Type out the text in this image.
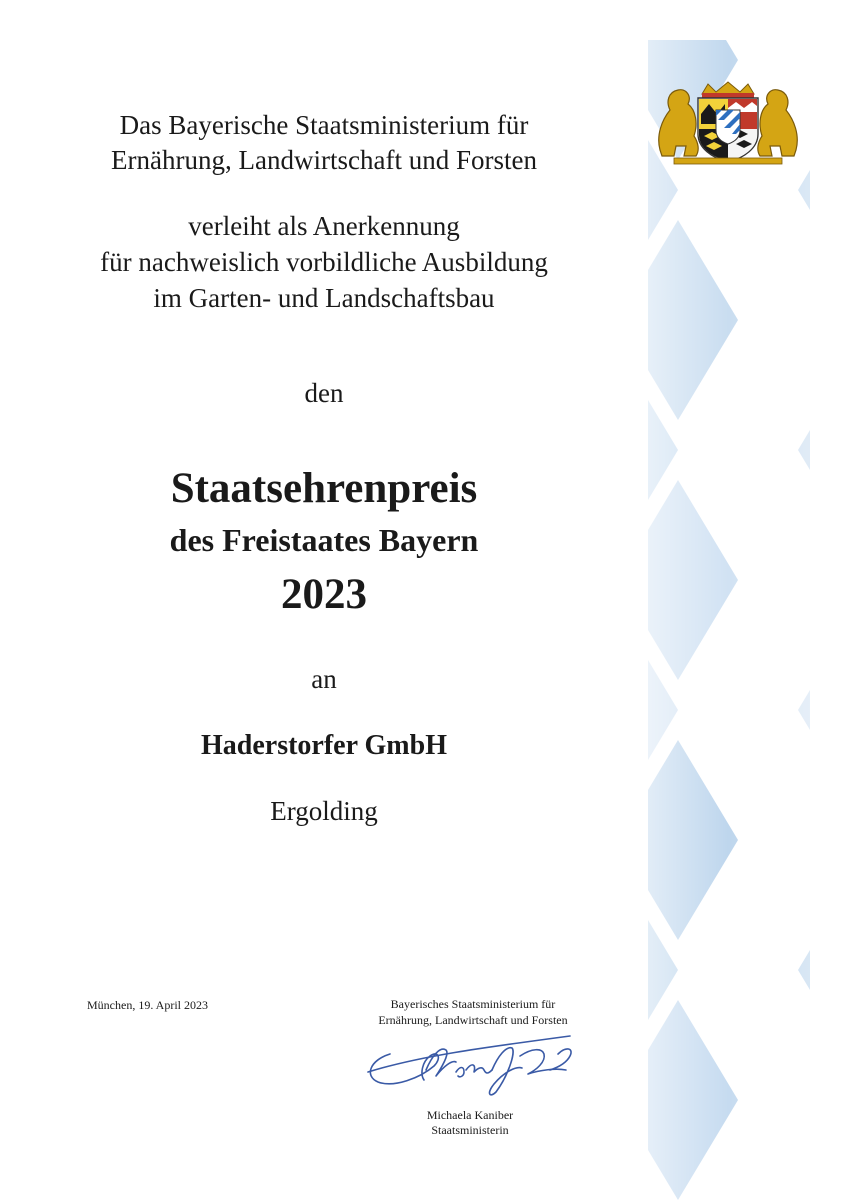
Das Bayerische Staatsministerium für
Ernährung, Landwirtschaft und Forsten
verleiht als Anerkennung
für nachweislich vorbildliche Ausbildung
im Garten- und Landschaftsbau
den
Staatsehrenpreis
des Freistaates Bayern
2023
an
Haderstorfer GmbH
Ergolding
München, 19. April 2023	Bayerisches Staatsministerium für
Ernährung, Landwirtschaft und Forsten
Michaela Kaniber
Staatsministerin
